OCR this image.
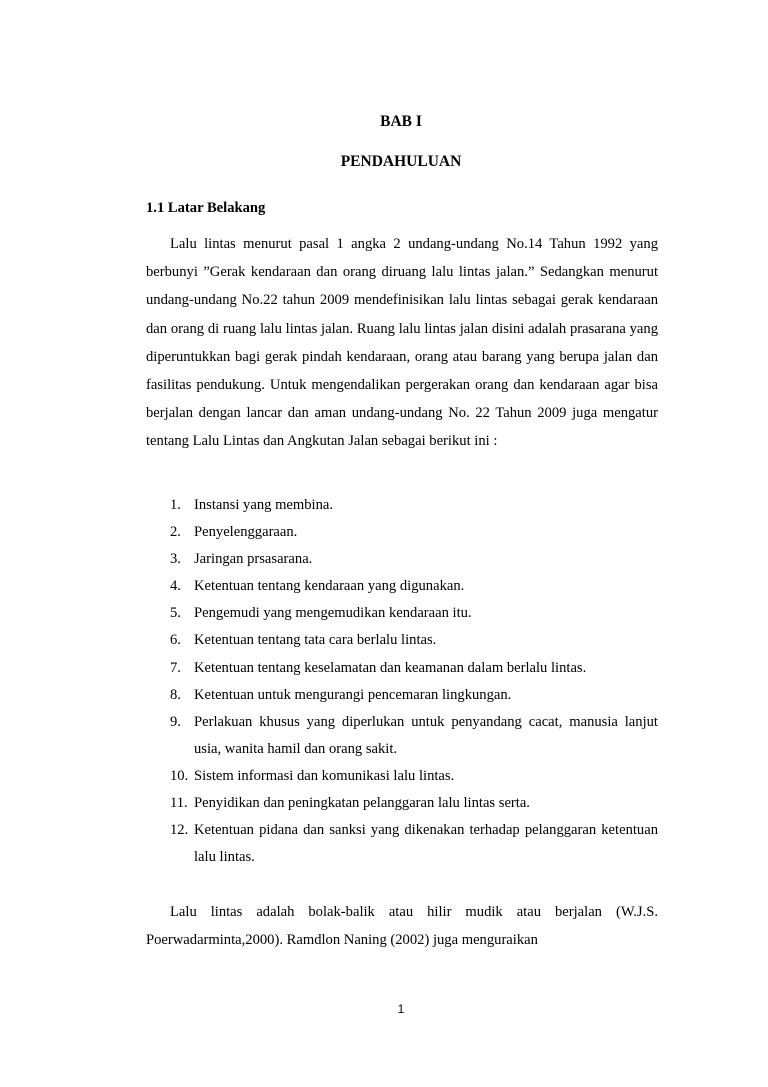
BAB I
PENDAHULUAN
1.1 Latar Belakang

Lalu lintas menurut pasal 1 angka 2 undang-undang No.14 Tahun 1992 yang berbunyi ”Gerak kendaraan dan orang diruang lalu lintas jalan.” Sedangkan menurut undang-undang No.22 tahun 2009 mendefinisikan lalu lintas sebagai gerak kendaraan dan orang di ruang lalu lintas jalan. Ruang lalu lintas jalan disini adalah prasarana yang diperuntukkan bagi gerak pindah kendaraan, orang atau barang yang berupa jalan dan fasilitas pendukung. Untuk mengendalikan pergerakan orang dan kendaraan agar bisa berjalan dengan lancar dan aman undang-undang No. 22 Tahun 2009 juga mengatur tentang Lalu Lintas dan Angkutan Jalan sebagai berikut ini :

1. Instansi yang membina.
2. Penyelenggaraan.
3. Jaringan prsasarana.
4. Ketentuan tentang kendaraan yang digunakan.
5. Pengemudi yang mengemudikan kendaraan itu.
6. Ketentuan tentang tata cara berlalu lintas.
7. Ketentuan tentang keselamatan dan keamanan dalam berlalu lintas.
8. Ketentuan untuk mengurangi pencemaran lingkungan.
9. Perlakuan khusus yang diperlukan untuk penyandang cacat, manusia lanjut usia, wanita hamil dan orang sakit.
10. Sistem informasi dan komunikasi lalu lintas.
11. Penyidikan dan peningkatan pelanggaran lalu lintas serta.
12. Ketentuan pidana dan sanksi yang dikenakan terhadap pelanggaran ketentuan lalu lintas.

Lalu lintas adalah bolak-balik atau hilir mudik atau berjalan (W.J.S. Poerwadarminta,2000). Ramdlon Naning (2002) juga menguraikan

1
